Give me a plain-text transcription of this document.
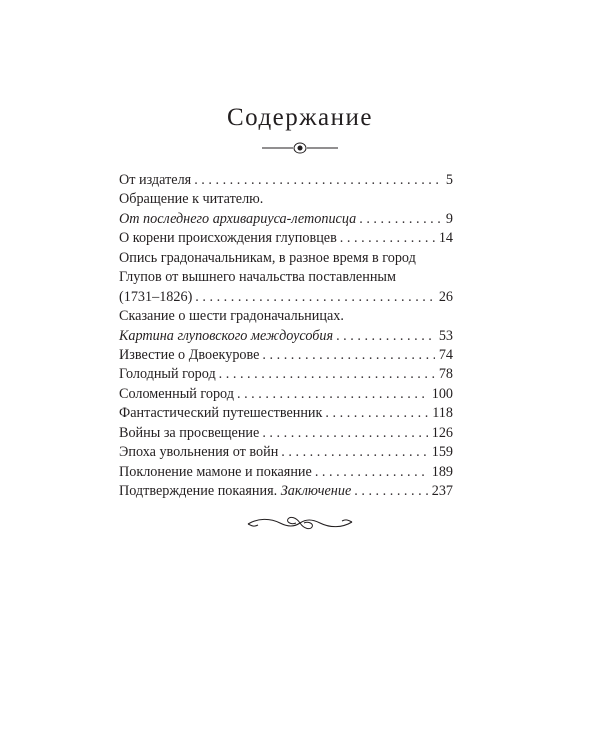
Содержание
От издателя . . .	5
Обращение к читателю.
От последнего архивариуса-летописца . . .	9
О корени происхождения глуповцев . . .	14
Опись градоначальникам, в разное время в город
Глупов от вышнего начальства поставленным
(1731–1826) . . .	26
Сказание о шести градоначальницах.
Картина глуповского междоусобия . . .	53
Известие о Двоекурове . . .	74
Голодный город . . .	78
Соломенный город . . .	100
Фантастический путешественник . . .	118
Войны за просвещение . . .	126
Эпоха увольнения от войн . . .	159
Поклонение мамоне и покаяние . . .	189
Подтверждение покаяния. Заключение . . .	237
